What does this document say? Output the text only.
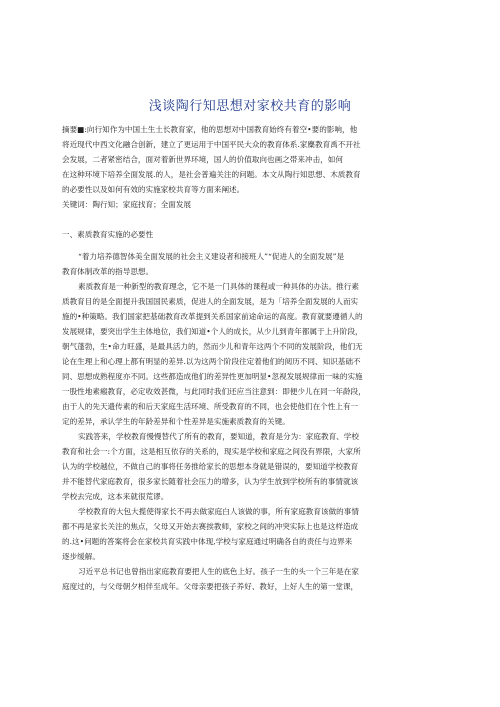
浅谈陶行知思想对家校共育的影响
摘要■:向行知作为中国土生土长教育家，他的思想对中国教育始终有着空•要的影响，他
将近现代中西文化融合创新，建立了更运用于中国平民大众的教育体系.家麇教育禹不开社
会发展，二者紧密结合，面对着新世界环境，国人的价值取向也画之帯来冲击，如何
在这种环境下培养全面发展.的人，是社会普遍关注的问题。本文从陶行知思想、木质教育
的必要性以及如何有效的实施家校共育等方面来阐述。
关键词：陶行知；家庭找育；全面发展
一、素质教育实施的必要性
“着力培养德智体美全面发展的社会主义建设者和接班人”“促进人的全面发展”是
教育体制改革的指导思想。
素质教育是一种新型的教育理念，它不是一门具体的课程或一种具体的办法。推行素
质教育目的是全面提升我国国民素质，促进人的全面发展，是为「培养全面发展的人而实
施的•种策略。我们国家把基础教育改革提到关系国家前途命运的高度。教育就要遵循人的
发展规律，要突出学生主体地位，我们知道•个人的成长，从少儿到青年都属于上升阶段，
朝气蓬勃，生•命力旺盛，是最具活力的，然而少儿和青年这两个不同的发展阶段，他们无
论在生理上和心理上都有明显的差异.以为这两个阶段往定着他们的阅历不同、知识基础不
同、思想成熟程度亦不同。这些都造成他们的差异性更加明显•忽视发展规律而一味的实施
一股性地素瘢教育，必定收效甚微，与此同时我们还应当注意到：即便少儿在同一年龄段，
由于人的先天遗传素的和后天家庭生活环境、所受教育的不同，也会使他们在个性上有一
定的差异，承认学生的年龄差异和个性差异是实施素质教育的关键。
实践答来，学校教育慢慢替代了所有的教育，要知道，教育是分为：家庭教育、学校
教育和社会一:个方面，这是相互依存的关系的，现实是学校和家庭之间没有界限，大家所
认为的学校越位，不做自己的事将任务推给家长的思想本身就是错误的，要知道学校教育
并不能替代家庭教育，很多家长随着社会压力的增多，认为学生放到学校所有的事情就该
学校去完成，这本来就很荒谬。
学校教育的大包大揽使得家长不再去做家庭白人该做的事，所有家庭教育该做的事情
都不再是家长关注的焦点，父母又开始去赛挨教师，家校之间的冲突实际上也是这样造成
的.这•问题的答案将会在家校共育实践中体现,学校与家庭通过明确各自的责任与边界来
逐步缓解。
习近平总书记也曾指出家庭教育要把人生的底色上好。孩子一生的头一个三年是在家
庭度过的，与父母朝夕相伴至成年。父母亲要把孩子养好、教好，上好人生的第一堂课，
